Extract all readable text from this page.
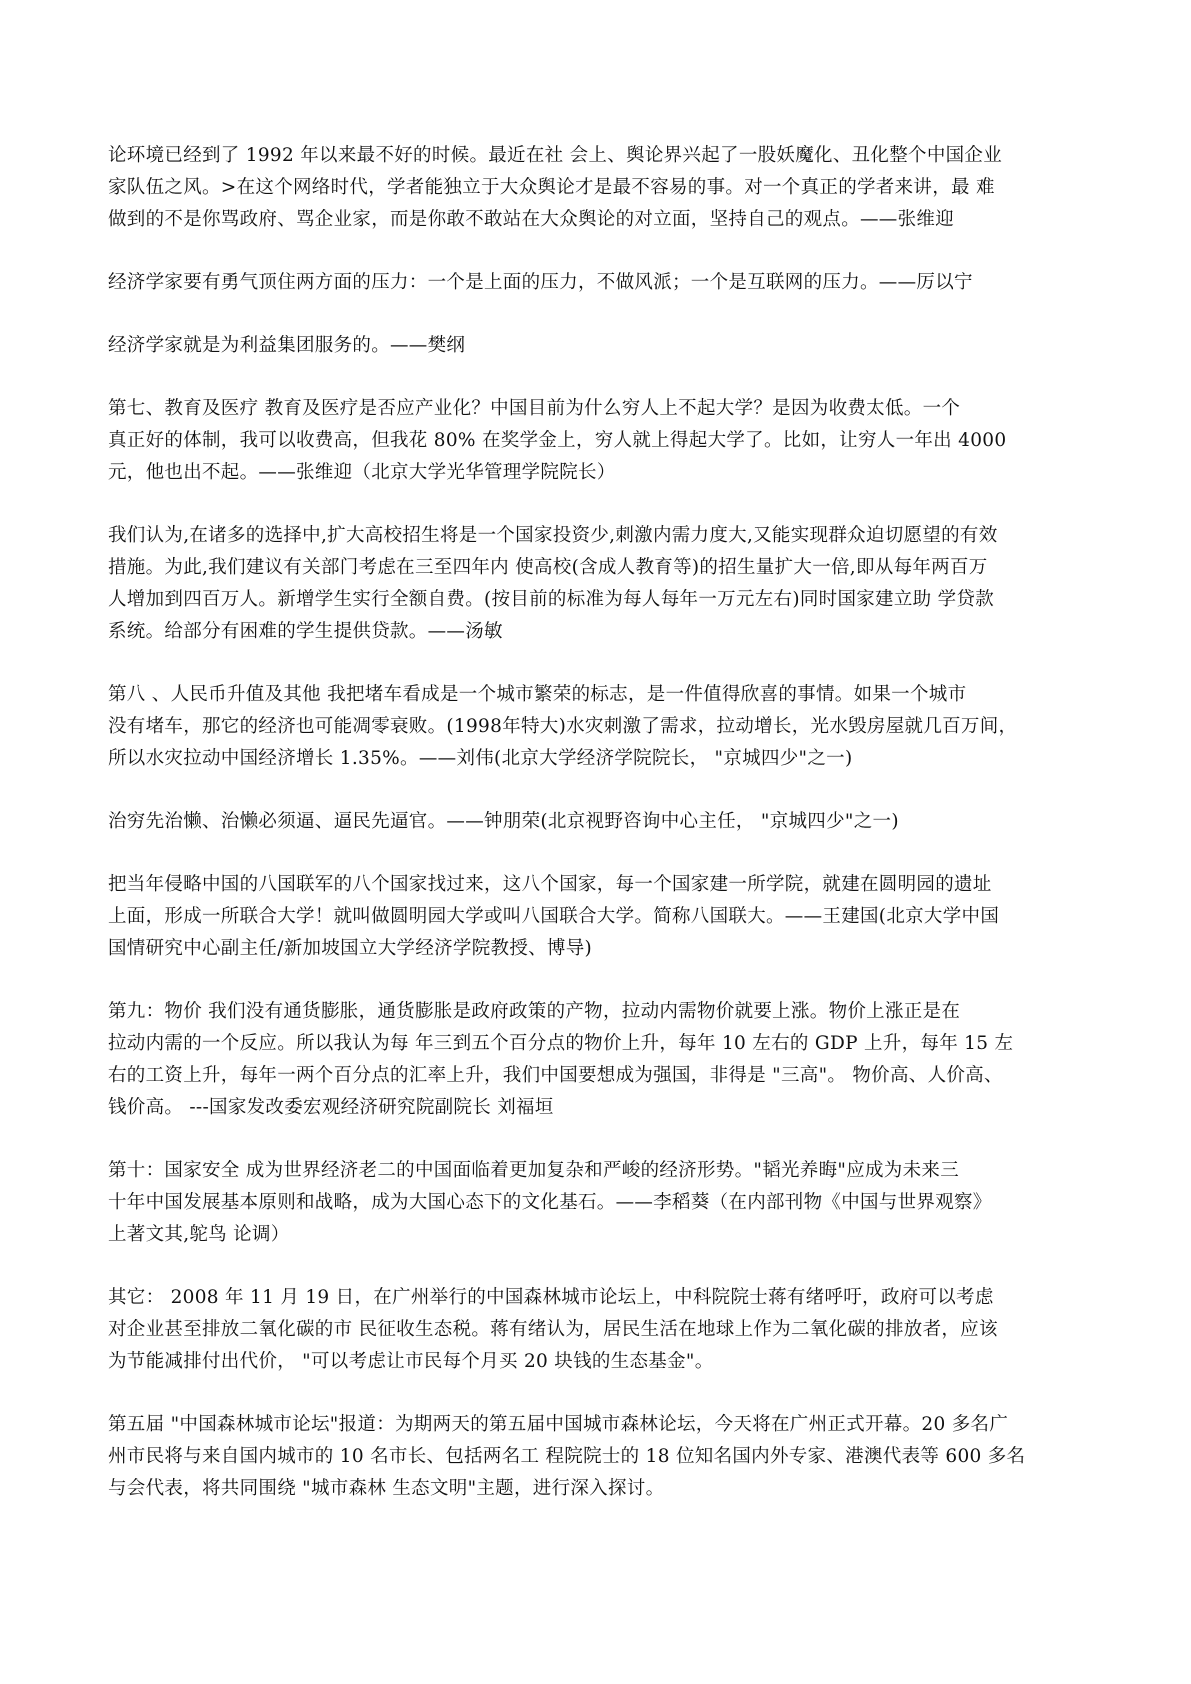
论环境已经到了 1992 年以来最不好的时候。最近在社 会上、舆论界兴起了一股妖魔化、丑化整个中国企业
家队伍之风。>在这个网络时代，学者能独立于大众舆论才是最不容易的事。对一个真正的学者来讲，最 难
做到的不是你骂政府、骂企业家，而是你敢不敢站在大众舆论的对立面，坚持自己的观点。——张维迎

经济学家要有勇气顶住两方面的压力：一个是上面的压力，不做风派；一个是互联网的压力。——厉以宁

经济学家就是为利益集团服务的。——樊纲

第七、教育及医疗 教育及医疗是否应产业化？中国目前为什么穷人上不起大学？是因为收费太低。一个
真正好的体制，我可以收费高，但我花 80% 在奖学金上，穷人就上得起大学了。比如，让穷人一年出 4000
元，他也出不起。——张维迎（北京大学光华管理学院院长）

我们认为,在诸多的选择中,扩大高校招生将是一个国家投资少,刺激内需力度大,又能实现群众迫切愿望的有效
措施。为此,我们建议有关部门考虑在三至四年内 使高校(含成人教育等)的招生量扩大一倍,即从每年两百万
人增加到四百万人。新增学生实行全额自费。(按目前的标准为每人每年一万元左右)同时国家建立助 学贷款
系统。给部分有困难的学生提供贷款。——汤敏

第八 、人民币升值及其他 我把堵车看成是一个城市繁荣的标志，是一件值得欣喜的事情。如果一个城市
没有堵车，那它的经济也可能凋零衰败。(1998年特大)水灾刺激了需求，拉动增长，光水毁房屋就几百万间，
所以水灾拉动中国经济增长 1.35%。——刘伟(北京大学经济学院院长， "京城四少"之一)

治穷先治懒、治懒必须逼、逼民先逼官。——钟朋荣(北京视野咨询中心主任， "京城四少"之一)

把当年侵略中国的八国联军的八个国家找过来，这八个国家，每一个国家建一所学院，就建在圆明园的遗址
上面，形成一所联合大学！就叫做圆明园大学或叫八国联合大学。简称八国联大。——王建国(北京大学中国
国情研究中心副主任/新加坡国立大学经济学院教授、博导)

第九：物价 我们没有通货膨胀，通货膨胀是政府政策的产物，拉动内需物价就要上涨。物价上涨正是在
拉动内需的一个反应。所以我认为每 年三到五个百分点的物价上升，每年 10 左右的 GDP 上升，每年 15 左
右的工资上升，每年一两个百分点的汇率上升，我们中国要想成为强国，非得是 "三高"。 物价高、人价高、
钱价高。 ---国家发改委宏观经济研究院副院长 刘福垣

第十：国家安全 成为世界经济老二的中国面临着更加复杂和严峻的经济形势。"韬光养晦"应成为未来三
十年中国发展基本原则和战略，成为大国心态下的文化基石。——李稻葵（在内部刊物《中国与世界观察》
上著文其,鸵鸟 论调）

其它： 2008 年 11 月 19 日，在广州举行的中国森林城市论坛上，中科院院士蒋有绪呼吁，政府可以考虑
对企业甚至排放二氧化碳的市 民征收生态税。蒋有绪认为，居民生活在地球上作为二氧化碳的排放者，应该
为节能减排付出代价， "可以考虑让市民每个月买 20 块钱的生态基金"。

第五届 "中国森林城市论坛"报道：为期两天的第五届中国城市森林论坛，今天将在广州正式开幕。20 多名广
州市民将与来自国内城市的 10 名市长、包括两名工 程院院士的 18 位知名国内外专家、港澳代表等 600 多名
与会代表，将共同围绕 "城市森林 生态文明"主题，进行深入探讨。
